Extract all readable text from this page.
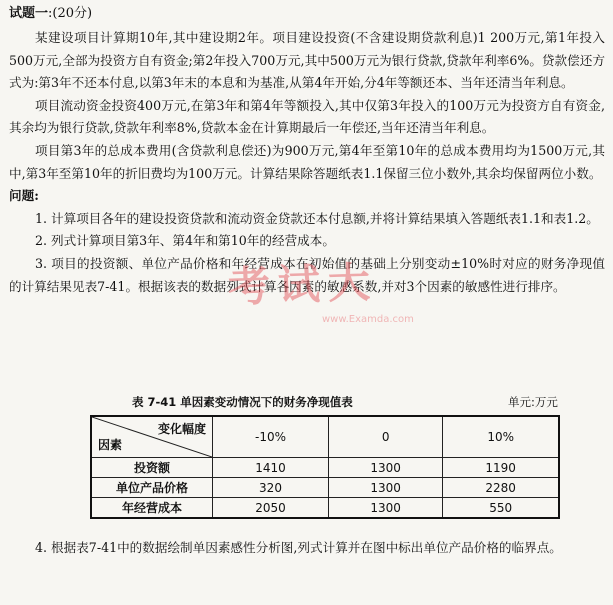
试题一:(20分)

某建设项目计算期10年,其中建设期2年。项目建设投资(不含建设期贷款利息)1 200万元,第1年投入500万元,全部为投资方自有资金;第2年投入700万元,其中500万元为银行贷款,贷款年利率6%。贷款偿还方式为:第3年不还本付息,以第3年末的本息和为基准,从第4年开始,分4年等额还本、当年还清当年利息。

项目流动资金投资400万元,在第3年和第4年等额投入,其中仅第3年投入的100万元为投资方自有资金,其余均为银行贷款,贷款年利率8%,贷款本金在计算期最后一年偿还,当年还清当年利息。

项目第3年的总成本费用(含贷款利息偿还)为900万元,第4年至第10年的总成本费用均为1500万元,其中,第3年至第10年的折旧费均为100万元。计算结果除答题纸表1.1保留三位小数外,其余均保留两位小数。

问题:

1. 计算项目各年的建设投资贷款和流动资金贷款还本付息额,并将计算结果填入答题纸表1.1和表1.2。

2. 列式计算项目第3年、第4年和第10年的经营成本。

3. 项目的投资额、单位产品价格和年经营成本在初始值的基础上分别变动±10%时对应的财务净现值的计算结果见表7-41。根据该表的数据列式计算各因素的敏感系数,并对3个因素的敏感性进行排序。

考试大
www.Examda.com
表 7-41 单因素变动情况下的财务净现值表	单元:万元
变化幅度
因素	-10%	0	10%
投资额	1410	1300	1190
单位产品价格	320	1300	2280
年经营成本	2050	1300	550

4. 根据表7-41中的数据绘制单因素感性分析图,列式计算并在图中标出单位产品价格的临界点。
